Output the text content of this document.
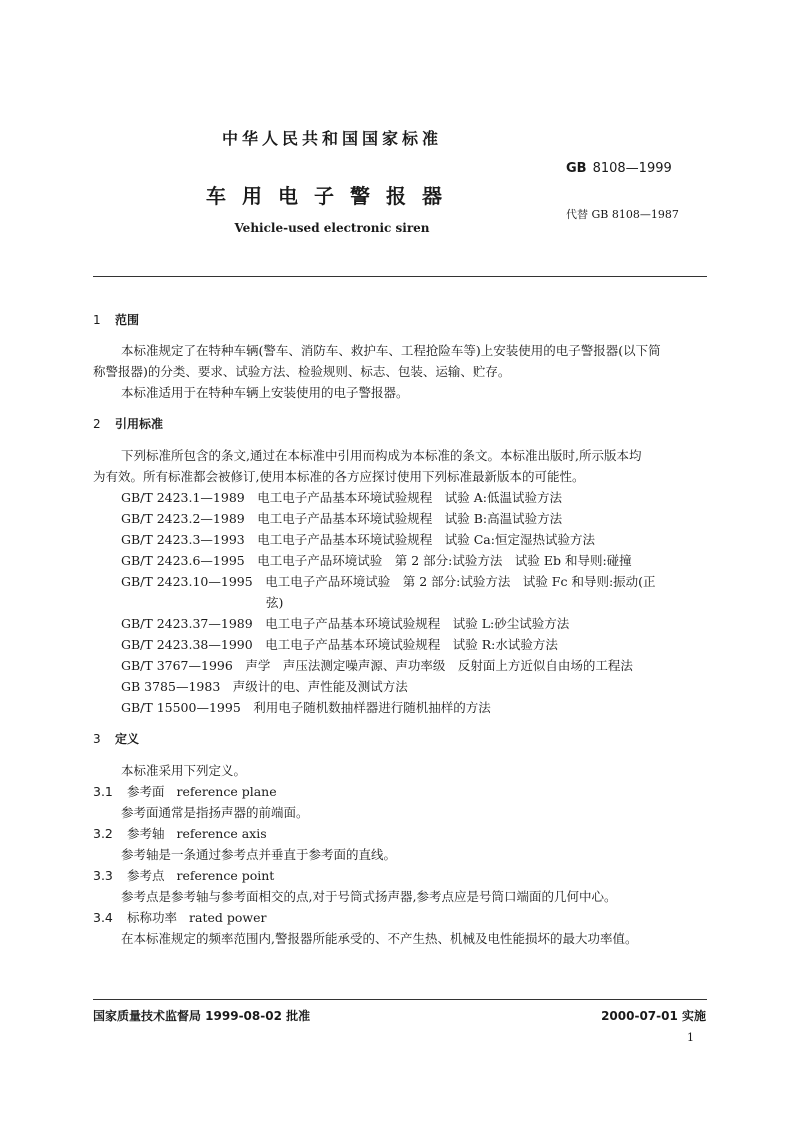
中华人民共和国国家标准
GB 8108—1999
车用电子警报器
代替 GB 8108—1987
Vehicle-used electronic siren
1 范围
本标准规定了在特种车辆(警车、消防车、救护车、工程抢险车等)上安装使用的电子警报器(以下简
称警报器)的分类、要求、试验方法、检验规则、标志、包装、运输、贮存。
本标准适用于在特种车辆上安装使用的电子警报器。
2 引用标准
下列标准所包含的条文,通过在本标准中引用而构成为本标准的条文。本标准出版时,所示版本均
为有效。所有标准都会被修订,使用本标准的各方应探讨使用下列标准最新版本的可能性。
GB/T 2423.1—1989　 电工电子产品基本环境试验规程　试验 A:低温试验方法
GB/T 2423.2—1989　 电工电子产品基本环境试验规程　试验 B:高温试验方法
GB/T 2423.3—1993　 电工电子产品基本环境试验规程　试验 Ca:恒定湿热试验方法
GB/T 2423.6—1995　 电工电子产品环境试验　第 2 部分:试验方法　试验 Eb 和导则:碰撞
GB/T 2423.10—1995　 电工电子产品环境试验　第 2 部分:试验方法　试验 Fc 和导则:振动(正
弦)
GB/T 2423.37—1989　 电工电子产品基本环境试验规程　试验 L:砂尘试验方法
GB/T 2423.38—1990　 电工电子产品基本环境试验规程　试验 R:水试验方法
GB/T 3767—1996　 声学　声压法测定噪声源、声功率级　反射面上方近似自由场的工程法
GB 3785—1983　 声级计的电、声性能及测试方法
GB/T 15500—1995　 利用电子随机数抽样器进行随机抽样的方法
3 定义
本标准采用下列定义。
3.1 参考面 reference plane
参考面通常是指扬声器的前端面。
3.2 参考轴 reference axis
参考轴是一条通过参考点并垂直于参考面的直线。
3.3 参考点 reference point
参考点是参考轴与参考面相交的点,对于号筒式扬声器,参考点应是号筒口端面的几何中心。
3.4 标称功率 rated power
在本标准规定的频率范围内,警报器所能承受的、不产生热、机械及电性能损坏的最大功率值。
国家质量技术监督局 1999-08-02 批准	2000-07-01 实施
1
